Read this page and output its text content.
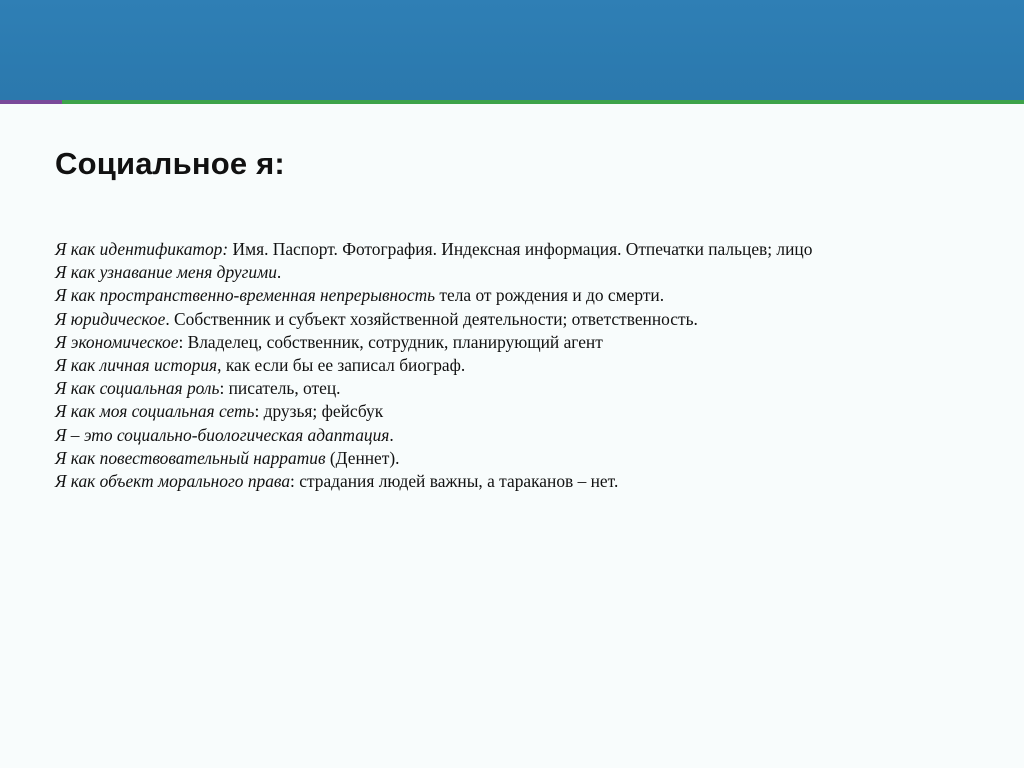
Социальное я:

Я как идентификатор: Имя. Паспорт. Фотография. Индексная информация. Отпечатки пальцев; лицо

Я как узнавание меня другими.

Я как пространственно-временная непрерывность тела от рождения и до смерти.

Я юридическое. Собственник и субъект хозяйственной деятельности; ответственность.

Я экономическое: Владелец, собственник, сотрудник, планирующий агент

Я как личная история, как если бы ее записал биограф.

Я как социальная роль: писатель, отец.

Я как моя социальная сеть: друзья; фейсбук

Я – это социально-биологическая адаптация.

Я как повествовательный нарратив (Деннет).

Я как объект морального права: страдания людей важны, а тараканов – нет.
